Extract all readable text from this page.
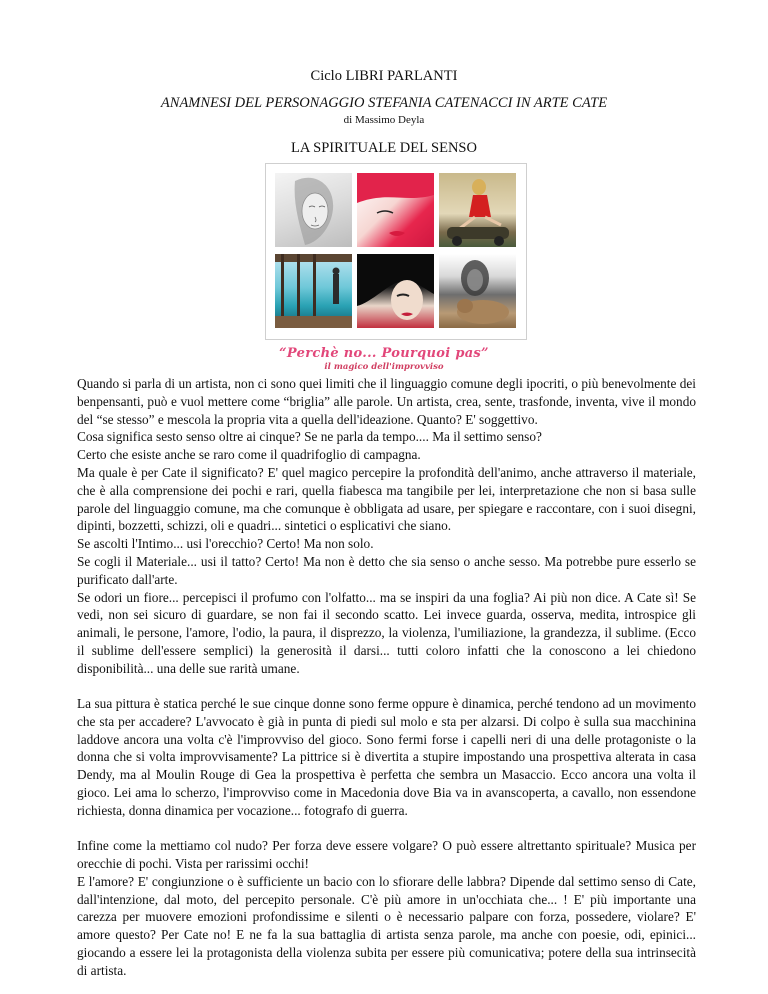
Ciclo LIBRI PARLANTI
ANAMNESI DEL PERSONAGGIO STEFANIA CATENACCI IN ARTE CATE
di Massimo Deyla
LA SPIRITUALE DEL SENSO
“Perchè no... Pourquoi pas”
il magico dell'improvviso

Quando si parla di un artista, non ci sono quei limiti che il linguaggio comune degli ipocriti, o più benevolmente dei benpensanti, può e vuol mettere come “briglia” alle parole. Un artista, crea, sente, trasfonde, inventa, vive il mondo del “se stesso” e mescola la propria vita a quella dell'ideazione. Quanto? E' soggettivo.

Cosa significa sesto senso oltre ai cinque? Se ne parla da tempo.... Ma il settimo senso?

Certo che esiste anche se raro come il quadrifoglio di campagna.

Ma quale è per Cate il significato? E' quel magico percepire la profondità dell'animo, anche attraverso il materiale, che è alla comprensione dei pochi e rari, quella fiabesca ma tangibile per lei, interpretazione che non si basa sulle parole del linguaggio comune, ma che comunque è obbligata ad usare, per spiegare e raccontare, con i suoi disegni, dipinti, bozzetti, schizzi, oli e quadri... sintetici o esplicativi che siano.

Se ascolti l'Intimo... usi l'orecchio? Certo! Ma non solo.

Se cogli il Materiale... usi il tatto? Certo! Ma non è detto che sia senso o anche sesso. Ma potrebbe pure esserlo se purificato dall'arte.

Se odori un fiore... percepisci il profumo con l'olfatto... ma se inspiri da una foglia? Ai più non dice. A Cate sì! Se vedi, non sei sicuro di guardare, se non fai il secondo scatto. Lei invece guarda, osserva, medita, introspice gli animali, le persone, l'amore, l'odio, la paura, il disprezzo, la violenza, l'umiliazione, la grandezza, il sublime. (Ecco il sublime dell'essere semplici) la generosità il darsi... tutti coloro infatti che la conoscono a lei chiedono disponibilità... una delle sue rarità umane.

La sua pittura è statica perché le sue cinque donne sono ferme oppure è dinamica, perché tendono ad un movimento che sta per accadere? L'avvocato è già in punta di piedi sul molo e sta per alzarsi. Di colpo è sulla sua macchinina laddove ancora una volta c'è l'improvviso del gioco. Sono fermi forse i capelli neri di una delle protagoniste o la donna che si volta improvvisamente? La pittrice si è divertita a stupire impostando una prospettiva alterata in casa Dendy, ma al Moulin Rouge di Gea la prospettiva è perfetta che sembra un Masaccio. Ecco ancora una volta il gioco. Lei ama lo scherzo, l'improvviso come in Macedonia dove Bia va in avanscoperta, a cavallo, non essendone richiesta, donna dinamica per vocazione... fotografo di guerra.

Infine come la mettiamo col nudo? Per forza deve essere volgare? O può essere altrettanto spirituale? Musica per orecchie di pochi. Vista per rarissimi occhi!

E l'amore? E' congiunzione o è sufficiente un bacio con lo sfiorare delle labbra? Dipende dal settimo senso di Cate, dall'intenzione, dal moto, del percepito personale. C'è più amore in un'occhiata che... ! E' più importante una carezza per muovere emozioni profondissime e silenti o è necessario palpare con forza, possedere, violare? E' amore questo? Per Cate no! E ne fa la sua battaglia di artista senza parole, ma anche con poesie, odi, epinici... giocando a essere lei la protagonista della violenza subita per essere più comunicativa; potere della sua intrinsecità di artista.
